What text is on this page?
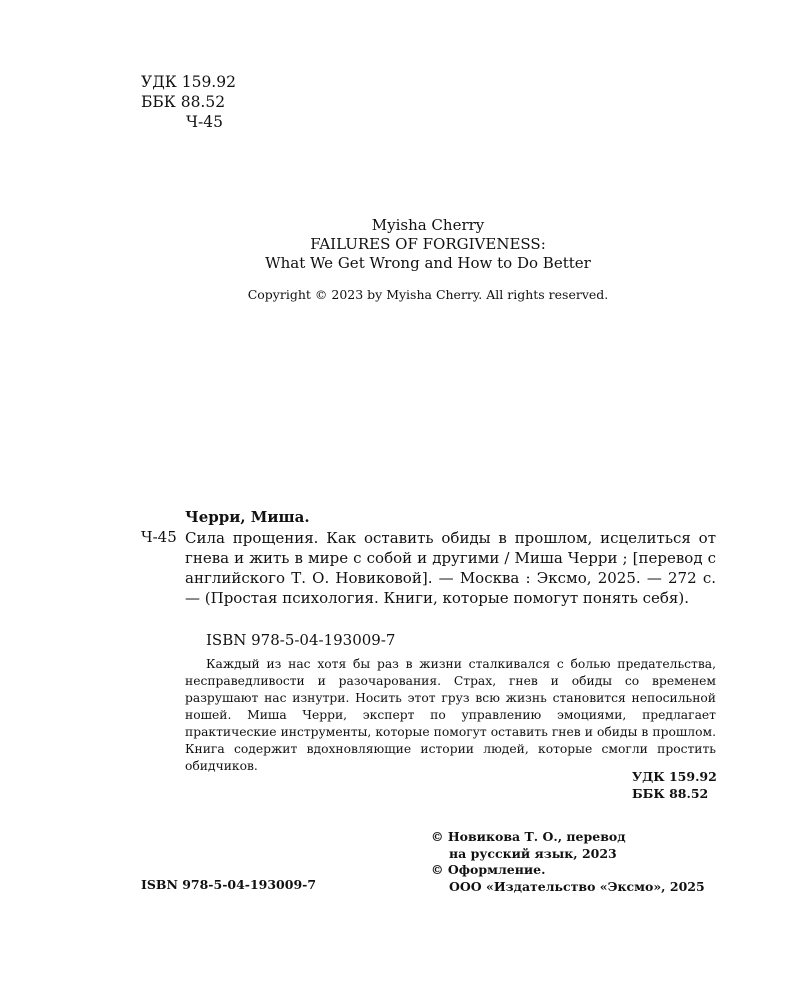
УДК 159.92
ББК 88.52
Ч-45
Myisha Cherry
FAILURES OF FORGIVENESS:
What We Get Wrong and How to Do Better
Copyright © 2023 by Myisha Cherry. All rights reserved.
Черри, Миша.
Ч-45 Сила прощения. Как оставить обиды в прошлом, исцелиться от гнева и жить в мире с собой и другими / Миша Черри ; [перевод с английского Т. О. Новиковой]. — Москва : Эксмо, 2025. — 272 с. — (Простая психология. Книги, которые помогут понять себя).
ISBN 978-5-04-193009-7
Каждый из нас хотя бы раз в жизни сталкивался с болью предательства, несправедливости и разочарования. Страх, гнев и обиды со временем разрушают нас изнутри. Носить этот груз всю жизнь становится непосильной ношей. Миша Черри, эксперт по управлению эмоциями, предлагает практические инструменты, которые помогут оставить гнев и обиды в прошлом. Книга содержит вдохновляющие истории людей, которые смогли простить обидчиков.
УДК 159.92
ББК 88.52
© Новикова Т. О., перевод
на русский язык, 2023
© Оформление.
ООО «Издательство «Эксмо», 2025
ISBN 978-5-04-193009-7
